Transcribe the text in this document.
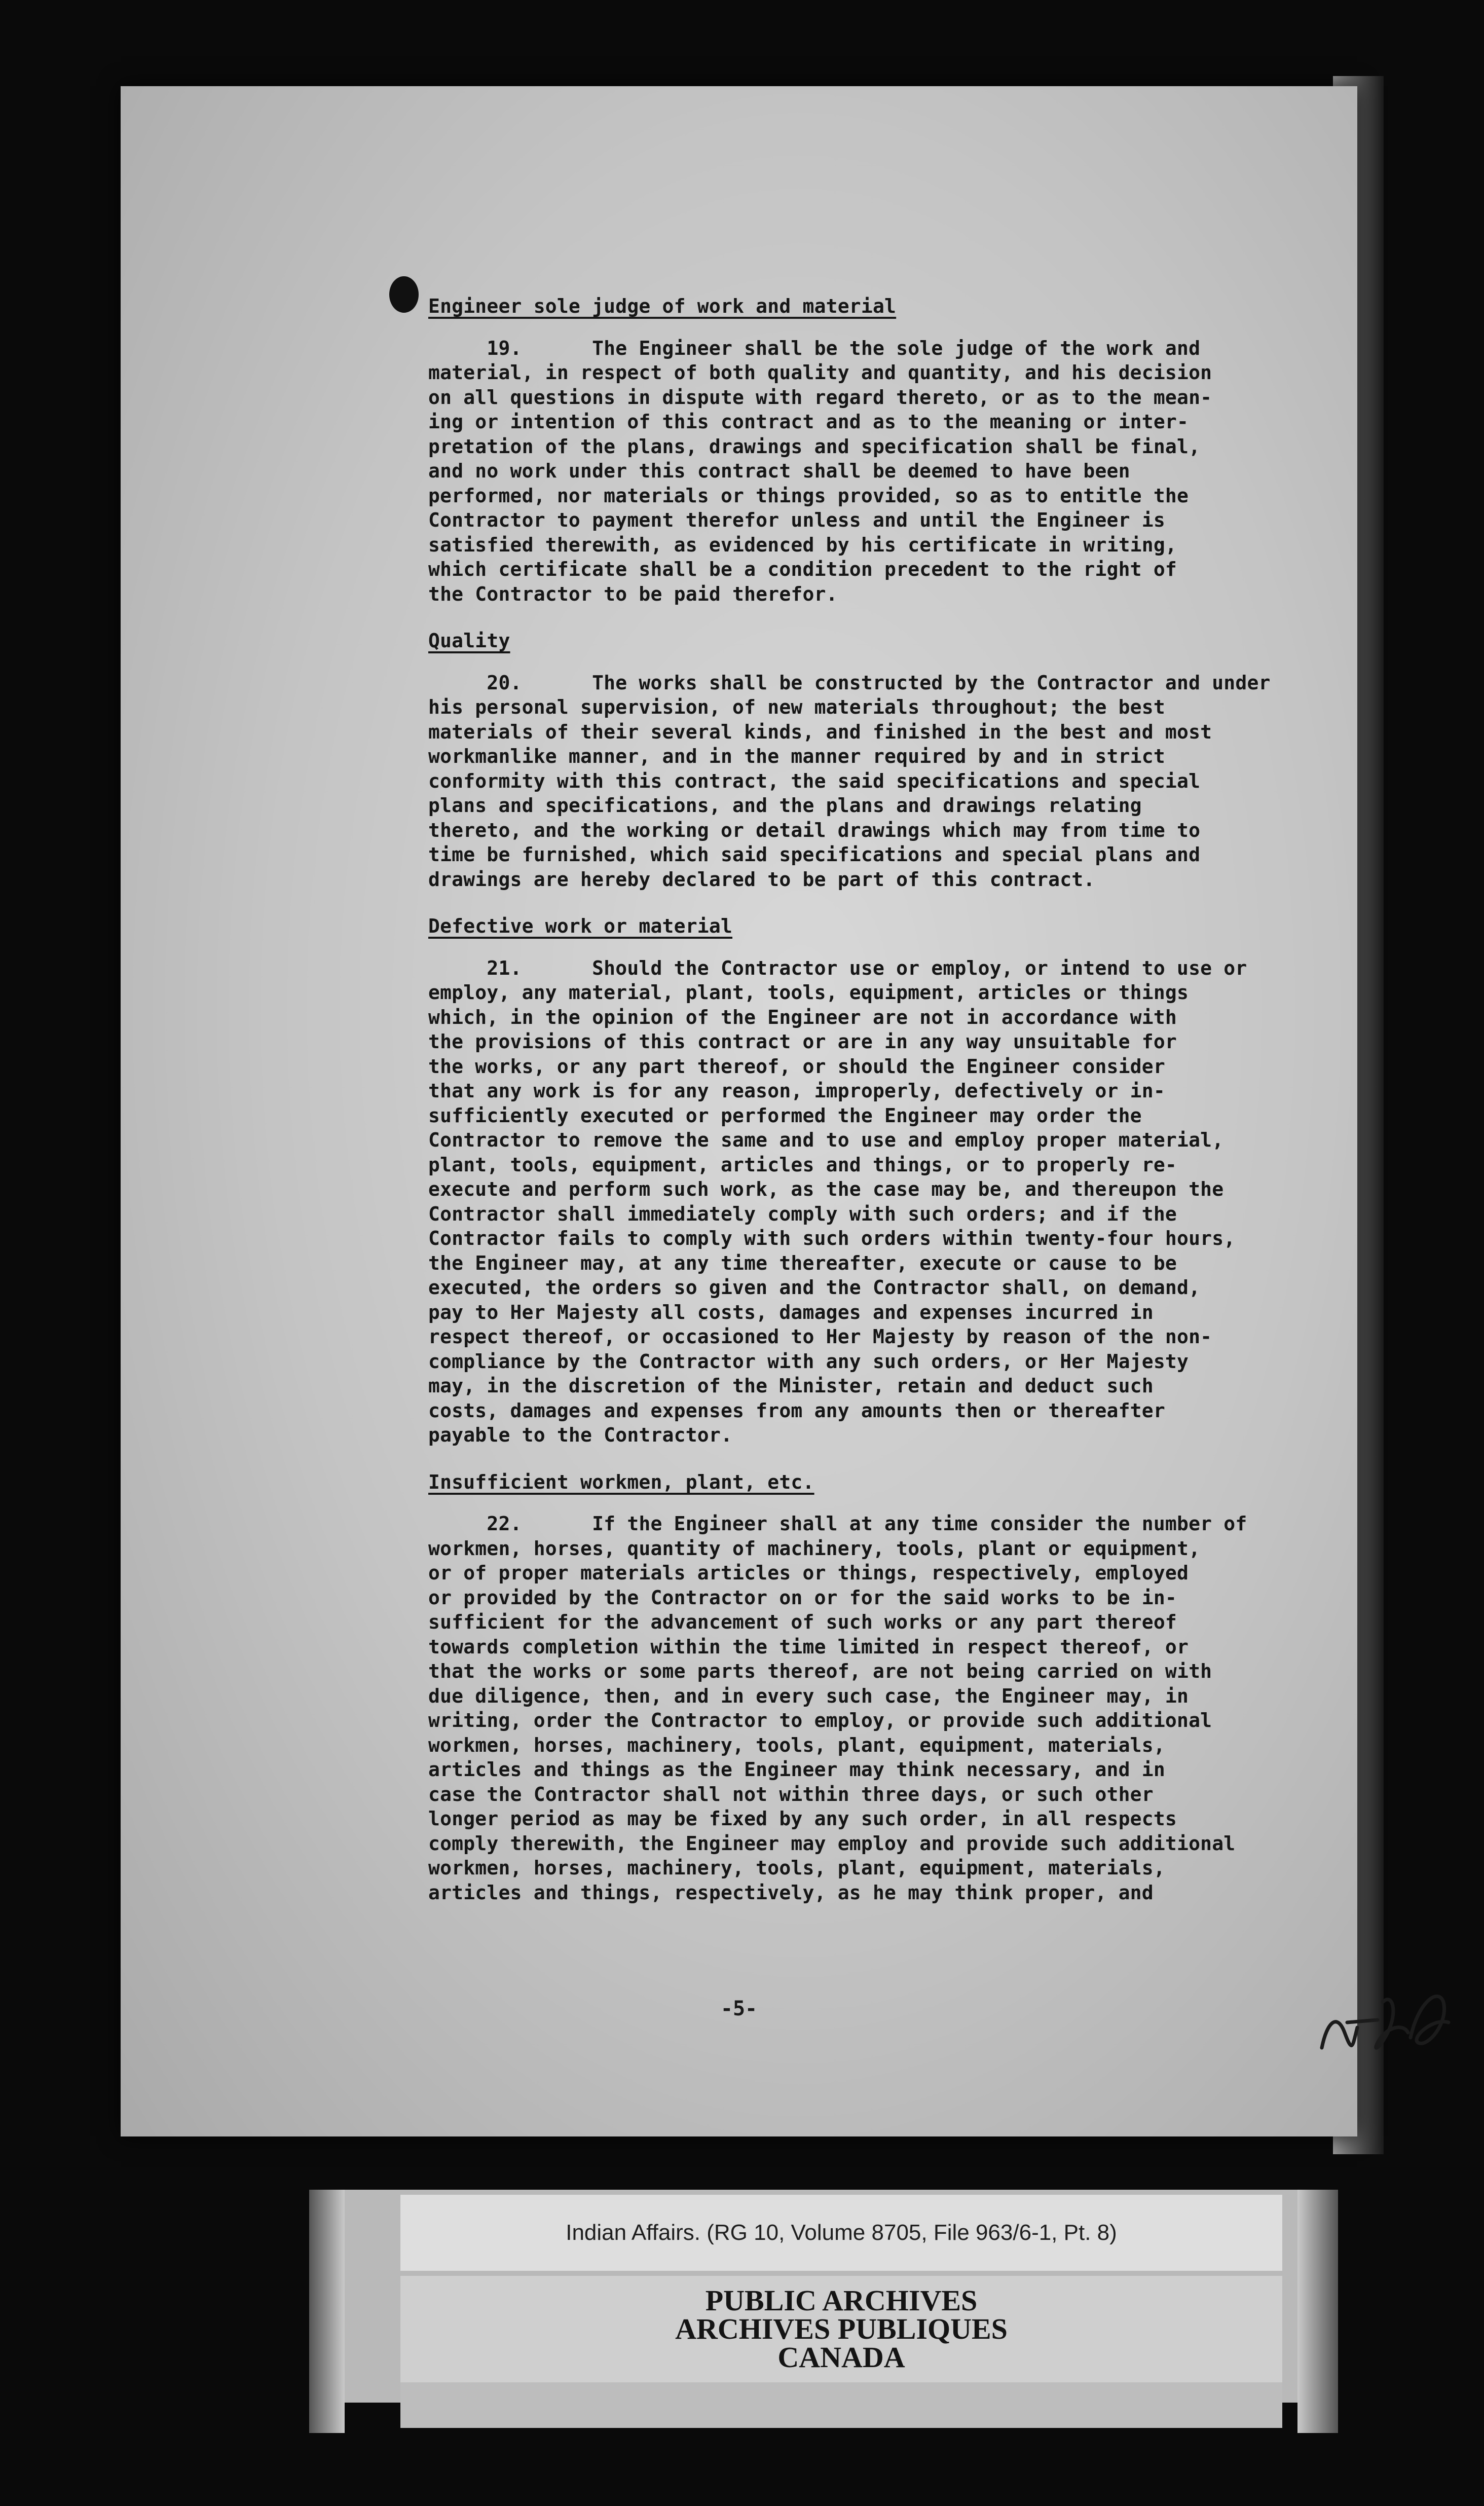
-5-
Engineer sole judge of work and material
19.      The Engineer shall be the sole judge of the work and
material, in respect of both quality and quantity, and his decision
on all questions in dispute with regard thereto, or as to the mean-
ing or intention of this contract and as to the meaning or inter-
pretation of the plans, drawings and specification shall be final,
and no work under this contract shall be deemed to have been
performed, nor materials or things provided, so as to entitle the
Contractor to payment therefor unless and until the Engineer is
satisfied therewith, as evidenced by his certificate in writing,
which certificate shall be a condition precedent to the right of
the Contractor to be paid therefor.
Quality
20.      The works shall be constructed by the Contractor and under
his personal supervision, of new materials throughout; the best
materials of their several kinds, and finished in the best and most
workmanlike manner, and in the manner required by and in strict
conformity with this contract, the said specifications and special
plans and specifications, and the plans and drawings relating
thereto, and the working or detail drawings which may from time to
time be furnished, which said specifications and special plans and
drawings are hereby declared to be part of this contract.
Defective work or material
21.      Should the Contractor use or employ, or intend to use or
employ, any material, plant, tools, equipment, articles or things
which, in the opinion of the Engineer are not in accordance with
the provisions of this contract or are in any way unsuitable for
the works, or any part thereof, or should the Engineer consider
that any work is for any reason, improperly, defectively or in-
sufficiently executed or performed the Engineer may order the
Contractor to remove the same and to use and employ proper material,
plant, tools, equipment, articles and things, or to properly re-
execute and perform such work, as the case may be, and thereupon the
Contractor shall immediately comply with such orders; and if the
Contractor fails to comply with such orders within twenty-four hours,
the Engineer may, at any time thereafter, execute or cause to be
executed, the orders so given and the Contractor shall, on demand,
pay to Her Majesty all costs, damages and expenses incurred in
respect thereof, or occasioned to Her Majesty by reason of the non-
compliance by the Contractor with any such orders, or Her Majesty
may, in the discretion of the Minister, retain and deduct such
costs, damages and expenses from any amounts then or thereafter
payable to the Contractor.
Insufficient workmen, plant, etc.
22.      If the Engineer shall at any time consider the number of
workmen, horses, quantity of machinery, tools, plant or equipment,
or of proper materials articles or things, respectively, employed
or provided by the Contractor on or for the said works to be in-
sufficient for the advancement of such works or any part thereof
towards completion within the time limited in respect thereof, or
that the works or some parts thereof, are not being carried on with
due diligence, then, and in every such case, the Engineer may, in
writing, order the Contractor to employ, or provide such additional
workmen, horses, machinery, tools, plant, equipment, materials,
articles and things as the Engineer may think necessary, and in
case the Contractor shall not within three days, or such other
longer period as may be fixed by any such order, in all respects
comply therewith, the Engineer may employ and provide such additional
workmen, horses, machinery, tools, plant, equipment, materials,
articles and things, respectively, as he may think proper, and
Indian Affairs. (RG 10, Volume 8705, File 963/6-1, Pt. 8)
PUBLIC ARCHIVES
ARCHIVES PUBLIQUES
CANADA
